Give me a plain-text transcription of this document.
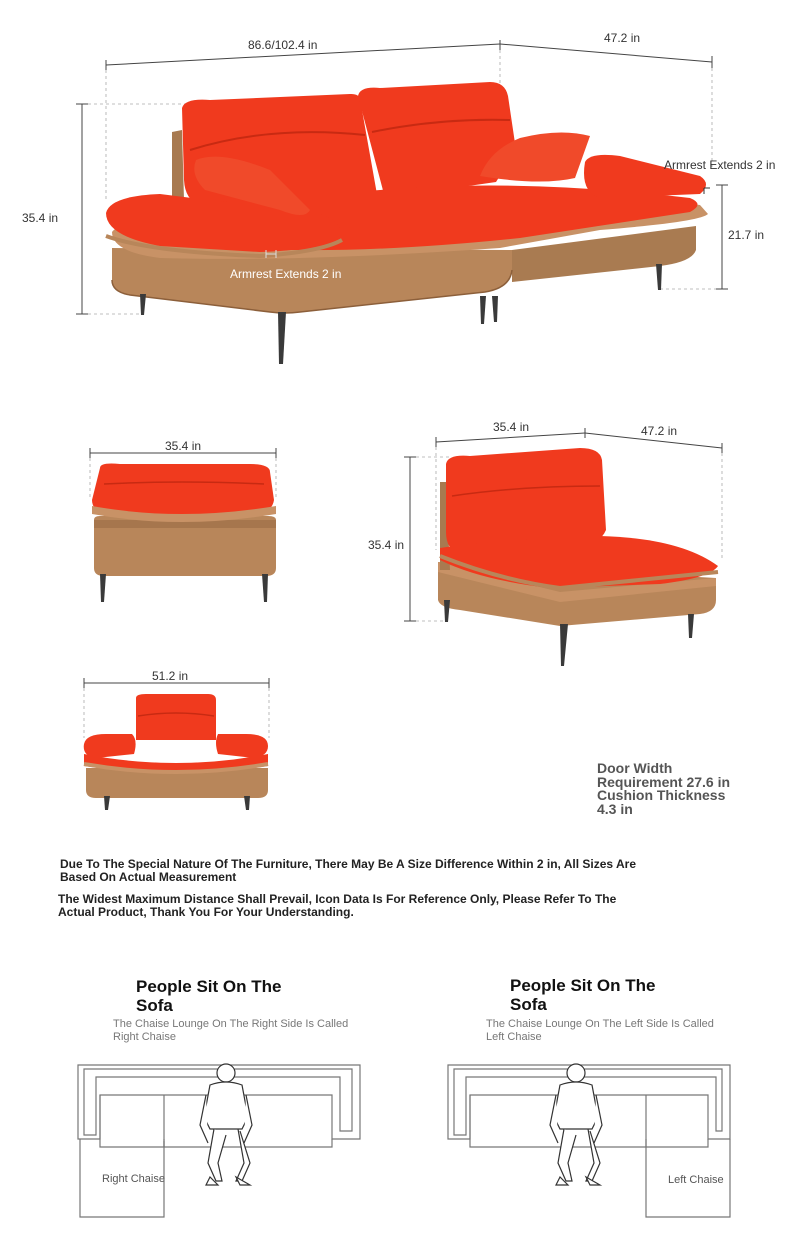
86.6/102.4 in	47.2 in
35.4 in
21.7 in
Armrest Extends 2 in
Armrest Extends 2 in
35.4 in
35.4 in	47.2 in
35.4 in
51.2 in
Door Width Requirement 27.6 in
Cushion Thickness 4.3 in
Due To The Special Nature Of The Furniture, There May Be A Size Difference Within 2 in, All Sizes Are Based On Actual Measurement
The Widest Maximum Distance Shall Prevail, Icon Data Is For Reference Only, Please Refer To The Actual Product, Thank You For Your Understanding.
People Sit On The Sofa
The Chaise Lounge On The Right Side Is Called Right Chaise
Right Chaise
People Sit On The Sofa
The Chaise Lounge On The Left Side Is Called Left Chaise
Left Chaise
